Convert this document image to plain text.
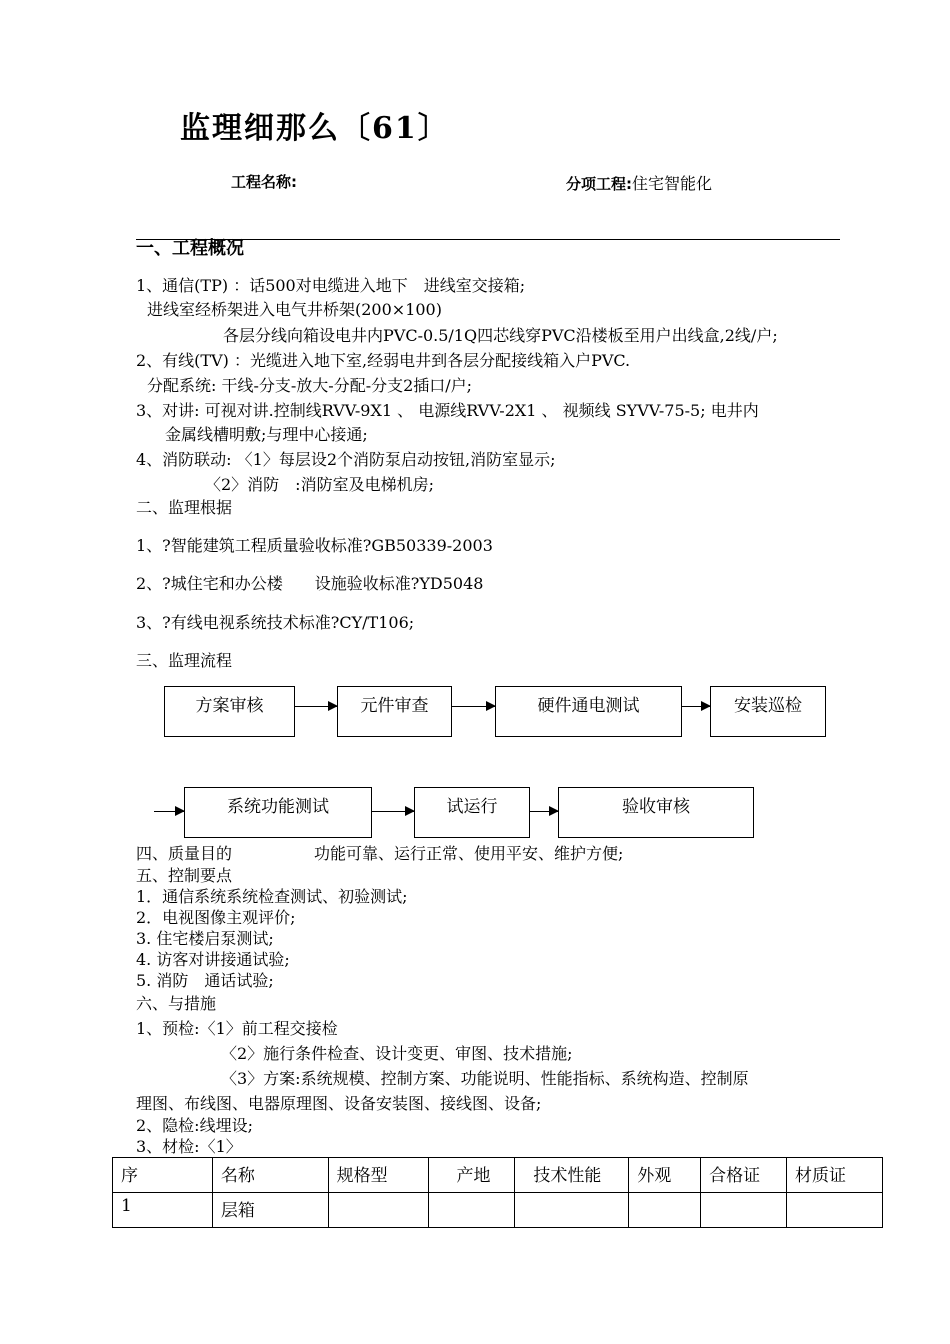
监理细那么〔61〕
工程名称:	分项工程:住宅智能化
一、工程概况
1、通信(TP) ：话500对电缆进入地下　进线室交接箱;
进线室经桥架进入电气井桥架(200×100)
各层分线向箱设电井内PVC-0.5/1Q四芯线穿PVC沿楼板至用户出线盒,2线/户;
2、有线(TV) ：光缆进入地下室,经弱电井到各层分配接线箱入户PVC.
分配系统: 干线-分支-放大-分配-分支2插口/户;
3、对讲: 可视对讲.控制线RVV-9X1 、 电源线RVV-2X1 、 视频线 SYVV-75-5; 电井内
金属线槽明敷;与理中心接通;
4、消防联动: 〈1〉每层设2个消防泵启动按钮,消防室显示;
〈2〉消防　:消防室及电梯机房;
二、监理根据
1、?智能建筑工程质量验收标准?GB50339-2003
2、?城住宅和办公楼　　设施验收标准?YD5048
3、?有线电视系统技术标准?CY/T106;
三、监理流程
方案审核	元件审查	硬件通电测试	安装巡检
系统功能测试	试运行	验收审核
四、质量目的	功能可靠、运行正常、使用平安、维护方便;
五、控制要点
1．通信系统系统检查测试、初验测试;
2．电视图像主观评价;
3. 住宅楼启泵测试;
4. 访客对讲接通试验;
5. 消防　通话试验;
六、与措施
1、预检:〈1〉前工程交接检
〈2〉施行条件检查、设计变更、审图、技术措施;
〈3〉方案:系统规模、控制方案、功能说明、性能指标、系统构造、控制原
理图、布线图、电器原理图、设备安装图、接线图、设备;
2、隐检:线埋设;
3、材检:〈1〉
序	名称	规格型	产地	技术性能	外观	合格证	材质证
1	层箱						
